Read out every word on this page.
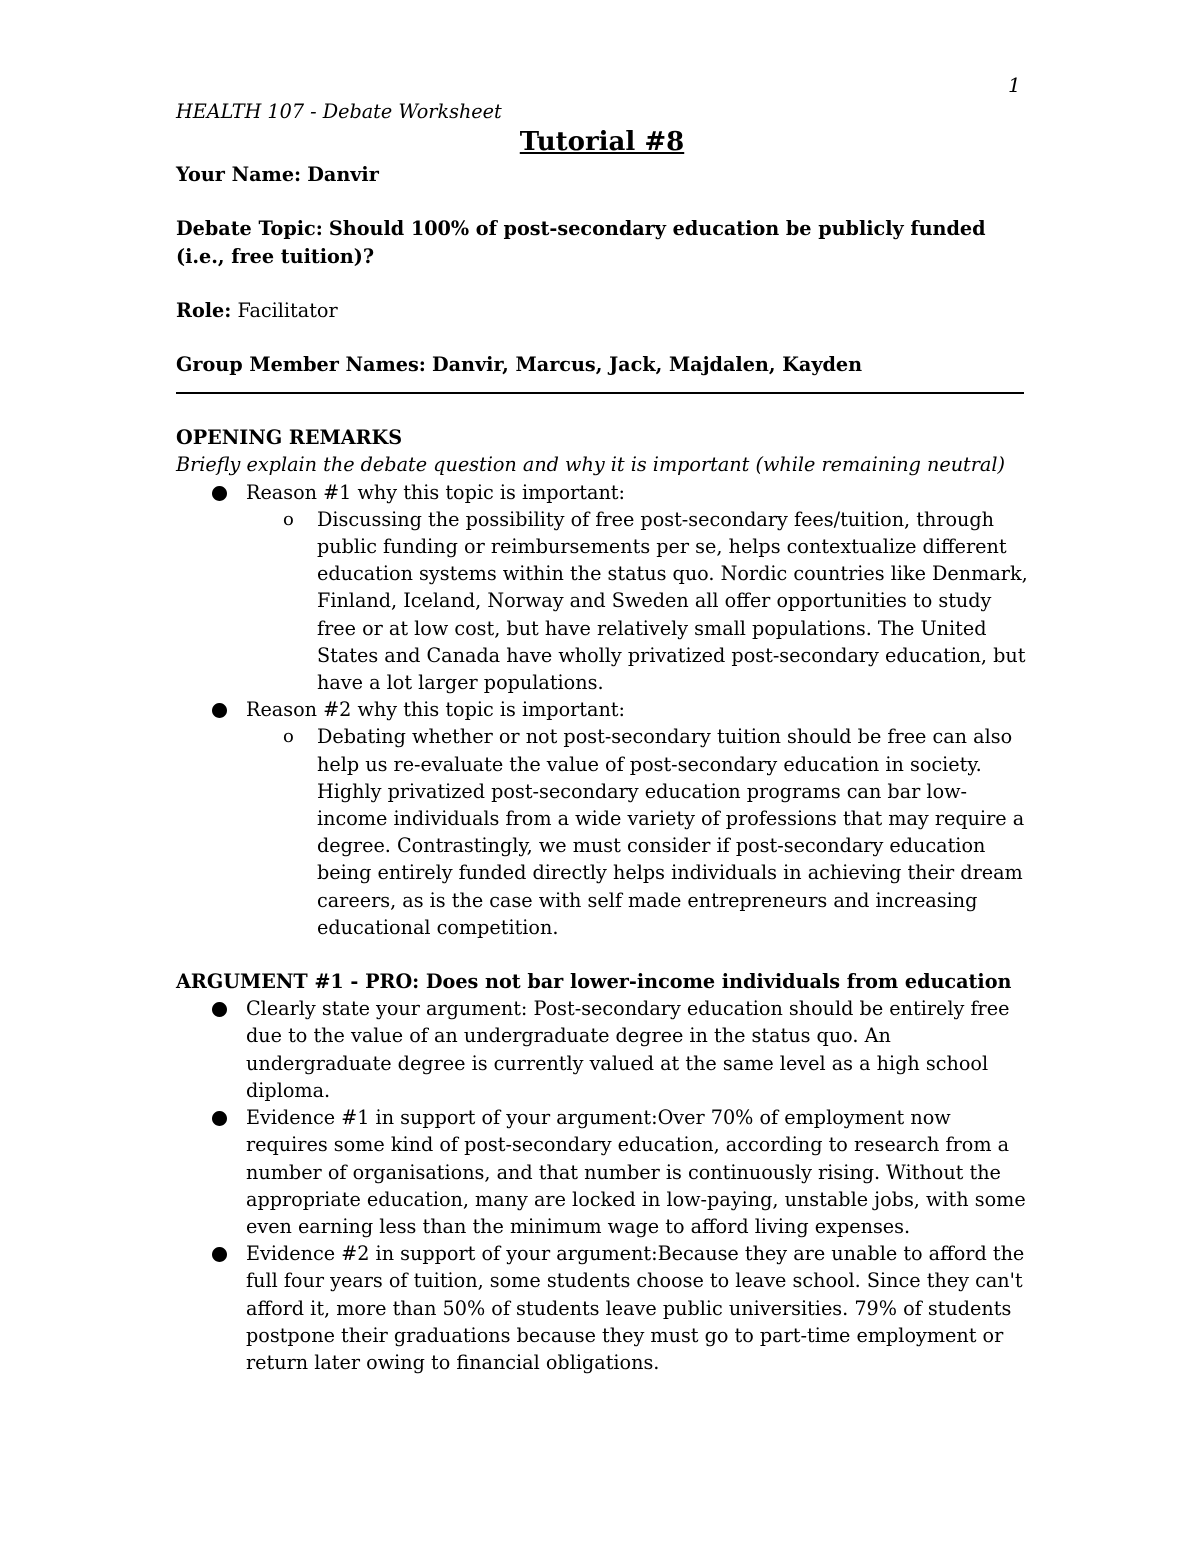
1

HEALTH 107 - Debate Worksheet

Tutorial #8

Your Name: Danvir

Debate Topic: Should 100% of post-secondary education be publicly funded (i.e., free tuition)?

Role: Facilitator

Group Member Names: Danvir, Marcus, Jack, Majdalen, Kayden

OPENING REMARKS

Briefly explain the debate question and why it is important (while remaining neutral)

Reason #1 why this topic is important:
o Discussing the possibility of free post-secondary fees/tuition, through public funding or reimbursements per se, helps contextualize different education systems within the status quo. Nordic countries like Denmark, Finland, Iceland, Norway and Sweden all offer opportunities to study free or at low cost, but have relatively small populations. The United States and Canada have wholly privatized post-secondary education, but have a lot larger populations.
Reason #2 why this topic is important:
o Debating whether or not post-secondary tuition should be free can also help us re-evaluate the value of post-secondary education in society. Highly privatized post-secondary education programs can bar low-income individuals from a wide variety of professions that may require a degree. Contrastingly, we must consider if post-secondary education being entirely funded directly helps individuals in achieving their dream careers, as is the case with self made entrepreneurs and increasing educational competition.

ARGUMENT #1 - PRO: Does not bar lower-income individuals from education

Clearly state your argument: Post-secondary education should be entirely free due to the value of an undergraduate degree in the status quo. An undergraduate degree is currently valued at the same level as a high school diploma.
Evidence #1 in support of your argument:Over 70% of employment now requires some kind of post-secondary education, according to research from a number of organisations, and that number is continuously rising. Without the appropriate education, many are locked in low-paying, unstable jobs, with some even earning less than the minimum wage to afford living expenses.
Evidence #2 in support of your argument:Because they are unable to afford the full four years of tuition, some students choose to leave school. Since they can't afford it, more than 50% of students leave public universities. 79% of students postpone their graduations because they must go to part-time employment or return later owing to financial obligations.
